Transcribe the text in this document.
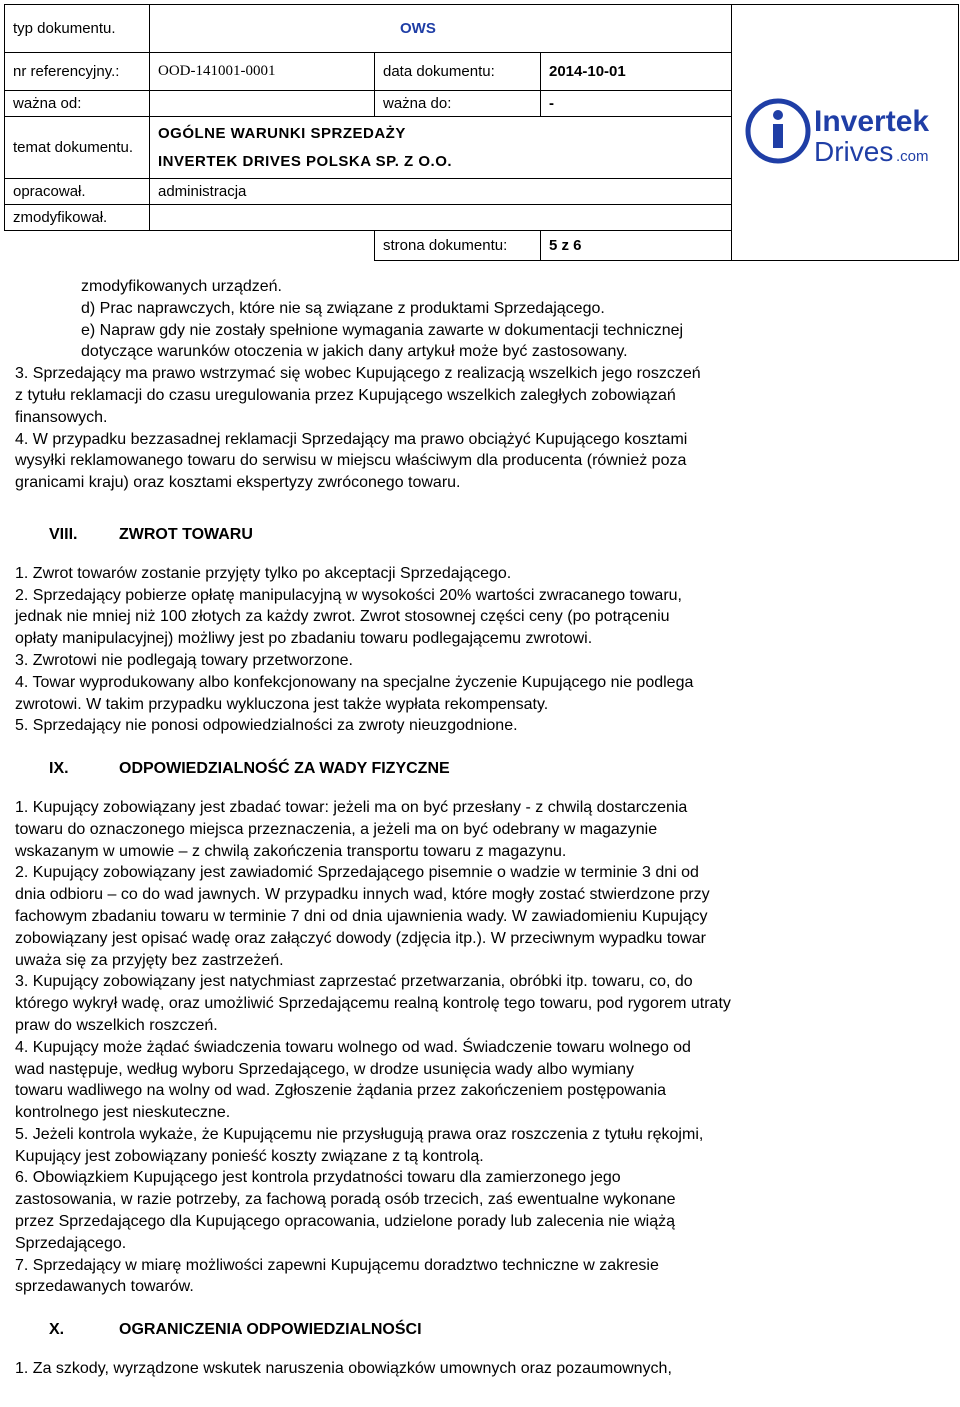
typ dokumentu.	OWS			Invertek
Drives .com

nr referencyjny.:	OOD-141001-0001	data dokumentu:	2014-10-01	
ważna od:		ważna do:	-	
temat dokumentu.	OGÓLNE WARUNKI SPRZEDAŻY
INVERTEK DRIVES POLSKA SP. Z O.O.			

opracował.	administracja			
zmodyfikował.				
		strona dokumentu:	5 z 6	

zmodyfikowanych urządzeń.

d) Prac naprawczych, które nie są związane z produktami Sprzedającego.

e) Napraw gdy nie zostały spełnione wymagania zawarte w dokumentacji technicznej

dotyczące warunków otoczenia w jakich dany artykuł może być zastosowany.

3. Sprzedający ma prawo wstrzymać się wobec Kupującego z realizacją wszelkich jego roszczeń

z tytułu reklamacji do czasu uregulowania przez Kupującego wszelkich zaległych zobowiązań

finansowych.

4. W przypadku bezzasadnej reklamacji Sprzedający ma prawo obciążyć Kupującego kosztami

wysyłki reklamowanego towaru do serwisu w miejscu właściwym dla producenta (również poza

granicami kraju) oraz kosztami ekspertyzy zwróconego towaru.

VIII.	ZWROT TOWARU

1. Zwrot towarów zostanie przyjęty tylko po akceptacji Sprzedającego.

2. Sprzedający pobierze opłatę manipulacyjną w wysokości 20% wartości zwracanego towaru,

jednak nie mniej niż 100 złotych za każdy zwrot. Zwrot stosownej części ceny (po potrąceniu

opłaty manipulacyjnej) możliwy jest po zbadaniu towaru podlegającemu zwrotowi.

3. Zwrotowi nie podlegają towary przetworzone.

4. Towar wyprodukowany albo konfekcjonowany na specjalne życzenie Kupującego nie podlega

zwrotowi. W takim przypadku wykluczona jest także wypłata rekompensaty.

5. Sprzedający nie ponosi odpowiedzialności za zwroty nieuzgodnione.

IX.	ODPOWIEDZIALNOŚĆ ZA WADY FIZYCZNE

1. Kupujący zobowiązany jest zbadać towar: jeżeli ma on być przesłany - z chwilą dostarczenia

towaru do oznaczonego miejsca przeznaczenia, a jeżeli ma on być odebrany w magazynie

wskazanym w umowie – z chwilą zakończenia transportu towaru z magazynu.

2. Kupujący zobowiązany jest zawiadomić Sprzedającego pisemnie o wadzie w terminie 3 dni od

dnia odbioru – co do wad jawnych. W przypadku innych wad, które mogły zostać stwierdzone przy

fachowym zbadaniu towaru w terminie 7 dni od dnia ujawnienia wady. W zawiadomieniu Kupujący

zobowiązany jest opisać wadę oraz załączyć dowody (zdjęcia itp.). W przeciwnym wypadku towar

uważa się za przyjęty bez zastrzeżeń.

3. Kupujący zobowiązany jest natychmiast zaprzestać przetwarzania, obróbki itp. towaru, co, do

którego wykrył wadę, oraz umożliwić Sprzedającemu realną kontrolę tego towaru, pod rygorem utraty

praw do wszelkich roszczeń.

4. Kupujący może żądać świadczenia towaru wolnego od wad. Świadczenie towaru wolnego od

wad następuje, według wyboru Sprzedającego, w drodze usunięcia wady albo wymiany

towaru wadliwego na wolny od wad. Zgłoszenie żądania przez zakończeniem postępowania

kontrolnego jest nieskuteczne.

5. Jeżeli kontrola wykaże, że Kupującemu nie przysługują prawa oraz roszczenia z tytułu rękojmi,

Kupujący jest zobowiązany ponieść koszty związane z tą kontrolą.

6. Obowiązkiem Kupującego jest kontrola przydatności towaru dla zamierzonego jego

zastosowania, w razie potrzeby, za fachową poradą osób trzecich, zaś ewentualne wykonane

przez Sprzedającego dla Kupującego opracowania, udzielone porady lub zalecenia nie wiążą

Sprzedającego.

7. Sprzedający w miarę możliwości zapewni Kupującemu doradztwo techniczne w zakresie

sprzedawanych towarów.

X.	OGRANICZENIA ODPOWIEDZIALNOŚCI

1. Za szkody, wyrządzone wskutek naruszenia obowiązków umownych oraz pozaumownych,
